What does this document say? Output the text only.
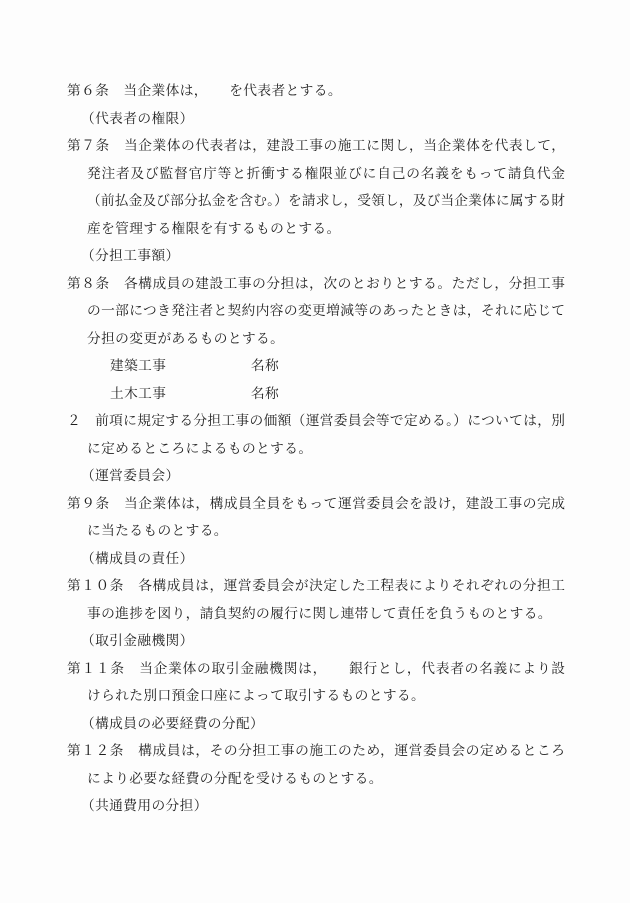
第６条　当企業体は，　　を代表者とする。
（代表者の権限）
第７条　当企業体の代表者は，建設工事の施工に関し，当企業体を代表して，
発注者及び監督官庁等と折衝する権限並びに自己の名義をもって請負代金
（前払金及び部分払金を含む。）を請求し，受領し，及び当企業体に属する財
産を管理する権限を有するものとする。
（分担工事額）
第８条　各構成員の建設工事の分担は，次のとおりとする。ただし，分担工事
の一部につき発注者と契約内容の変更増減等のあったときは，それに応じて
分担の変更があるものとする。
建築工事　　　　　　名称
土木工事　　　　　　名称
２　前項に規定する分担工事の価額（運営委員会等で定める。）については，別
に定めるところによるものとする。
（運営委員会）
第９条　当企業体は，構成員全員をもって運営委員会を設け，建設工事の完成
に当たるものとする。
（構成員の責任）
第１０条　各構成員は，運営委員会が決定した工程表によりそれぞれの分担工
事の進捗を図り，請負契約の履行に関し連帯して責任を負うものとする。
（取引金融機関）
第１１条　当企業体の取引金融機関は，　　銀行とし，代表者の名義により設
けられた別口預金口座によって取引するものとする。
（構成員の必要経費の分配）
第１２条　構成員は，その分担工事の施工のため，運営委員会の定めるところ
により必要な経費の分配を受けるものとする。
（共通費用の分担）
